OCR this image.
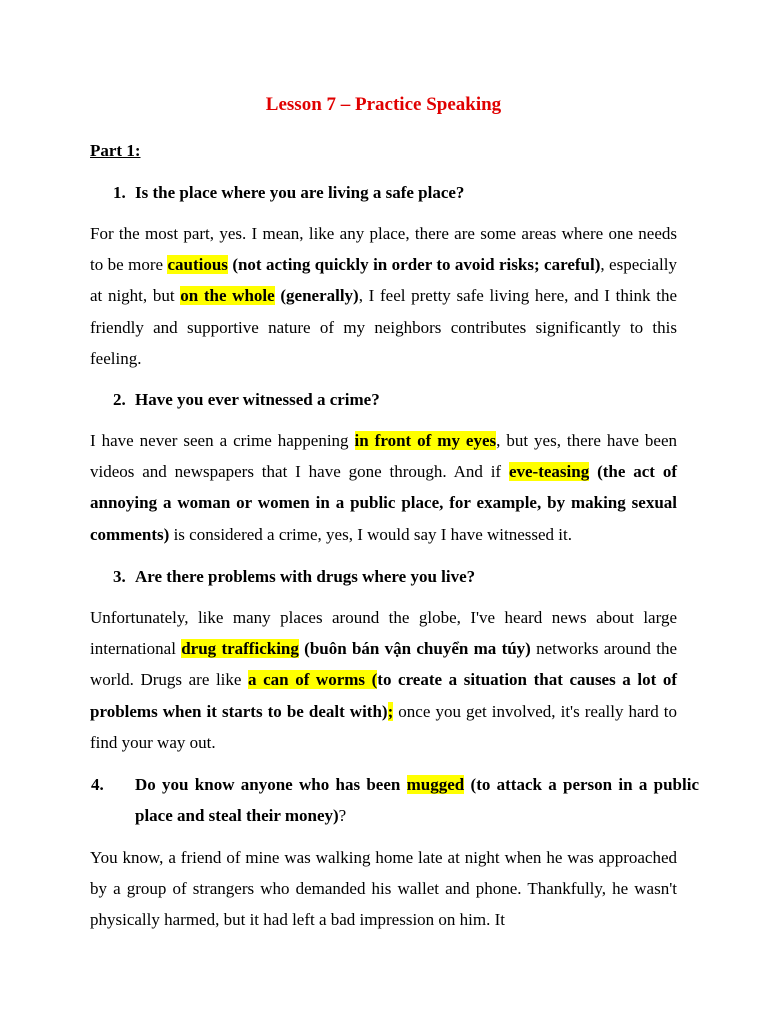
Lesson 7 – Practice Speaking
Part 1:
1. Is the place where you are living a safe place?

For the most part, yes. I mean, like any place, there are some areas where one needs to be more cautious (not acting quickly in order to avoid risks; careful), especially at night, but on the whole (generally), I feel pretty safe living here, and I think the friendly and supportive nature of my neighbors contributes significantly to this feeling.

2. Have you ever witnessed a crime?

I have never seen a crime happening in front of my eyes, but yes, there have been videos and newspapers that I have gone through. And if eve-teasing (the act of annoying a woman or women in a public place, for example, by making sexual comments) is considered a crime, yes, I would say I have witnessed it.

3. Are there problems with drugs where you live?

Unfortunately, like many places around the globe, I've heard news about large international drug trafficking (buôn bán vận chuyển ma túy) networks around the world. Drugs are like a can of worms (to create a situation that causes a lot of problems when it starts to be dealt with); once you get involved, it's really hard to find your way out.

4. Do you know anyone who has been mugged (to attack a person in a public place and steal their money)?

You know, a friend of mine was walking home late at night when he was approached by a group of strangers who demanded his wallet and phone. Thankfully, he wasn't physically harmed, but it had left a bad impression on him. It
